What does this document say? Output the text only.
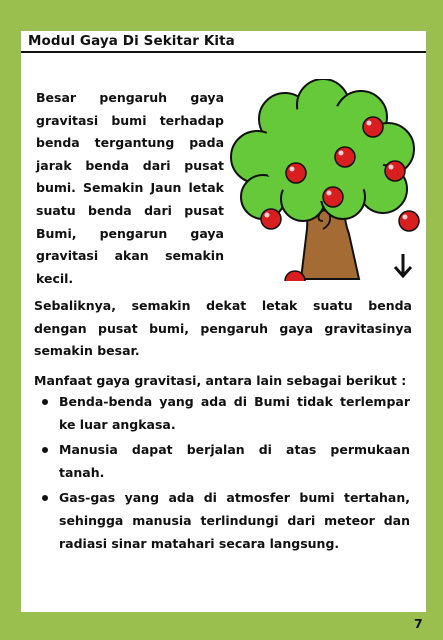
Modul Gaya Di Sekitar Kita
Besar pengaruh gaya gravitasi bumi terhadap benda tergantung pada jarak benda dari pusat bumi. Semakin Jaun letak suatu benda dari pusat Bumi, pengarun gaya gravitasi akan semakin kecil.
Sebaliknya, semakin dekat letak suatu benda dengan pusat bumi, pengaruh gaya gravitasinya semakin besar.
Manfaat gaya gravitasi, antara lain sebagai berikut :
Benda-benda yang ada di Bumi tidak terlempar ke luar angkasa.
Manusia dapat berjalan di atas permukaan tanah.
Gas-gas yang ada di atmosfer bumi tertahan, sehingga manusia terlindungi dari meteor dan radiasi sinar matahari secara langsung.
7
